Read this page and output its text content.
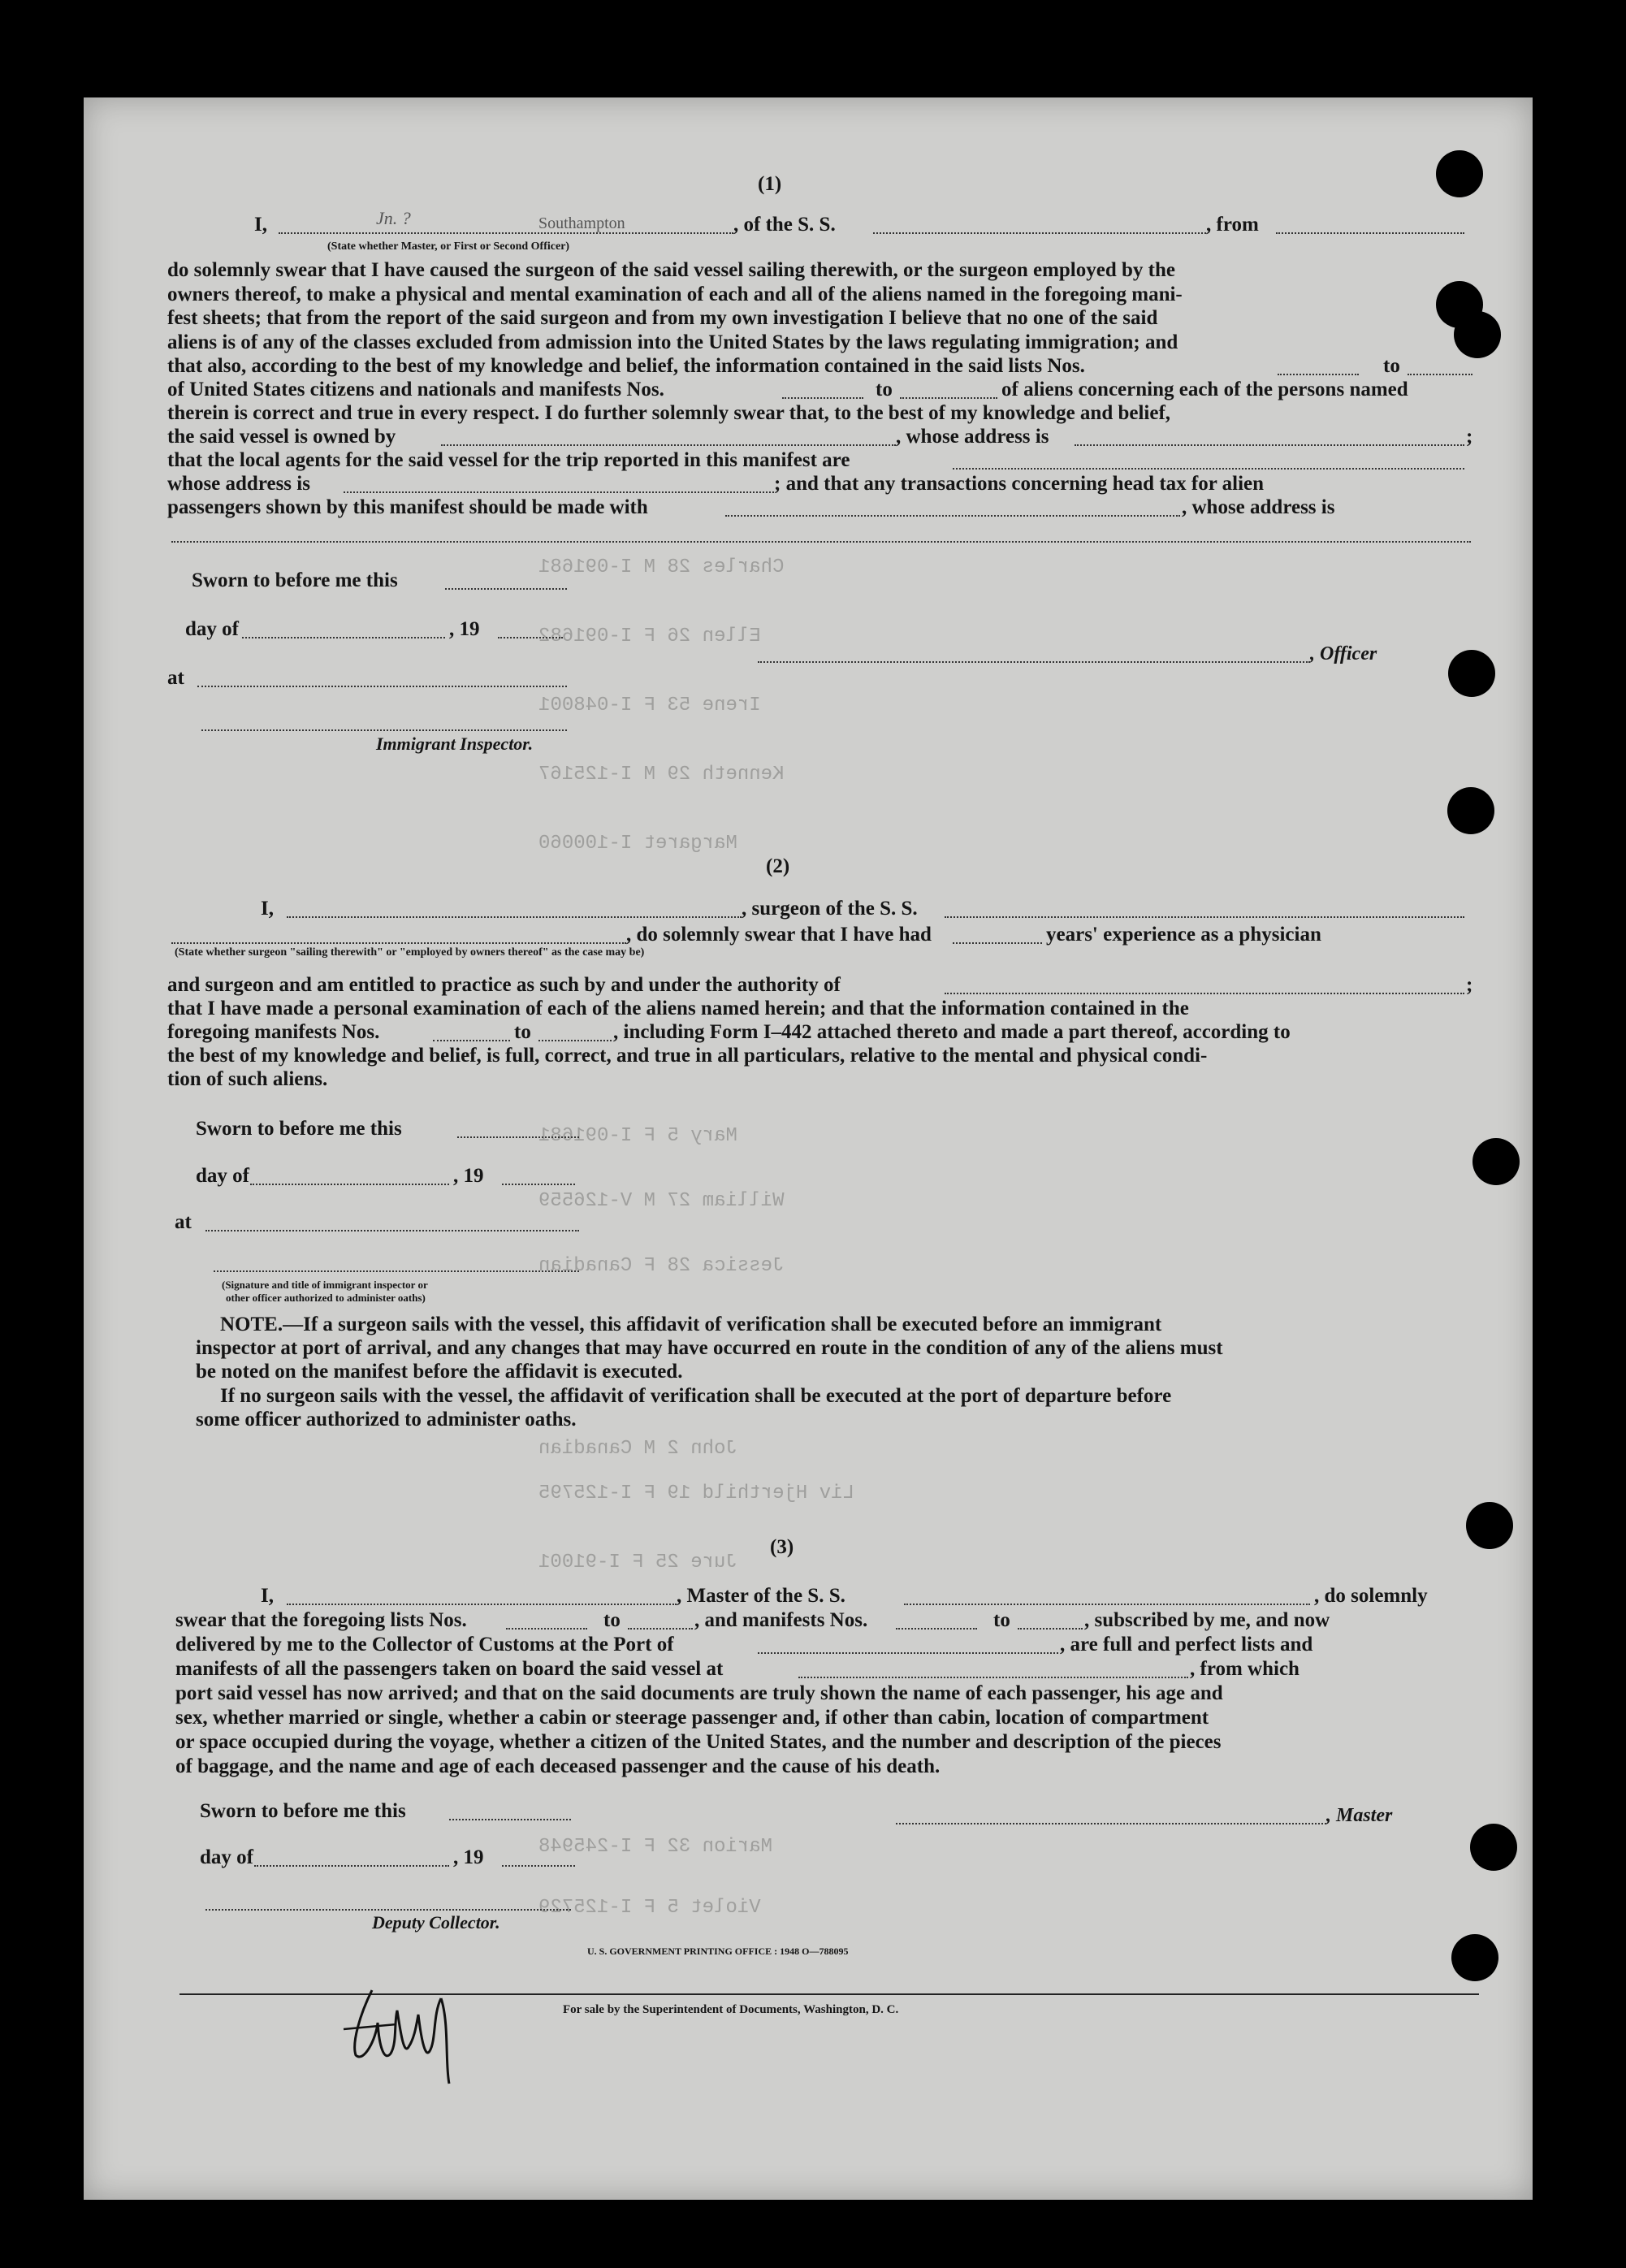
Charles 28 M I-091681
Ellen 26 F I-091682
Irene 53 F I-048001
Kenneth 29 M I-125167
Margaret I-100060
Mary 5 F I-091681
William 27 M V-126559
Jessica 28 F Canadian
John 2 M Canadian
Liv Hjerthild 19 F I-125795
Jure 25 F I-91001
Marion 32 F I-245948
Violet 5 F I-125729
(1)
I,	Jn. ?	Southampton	, of the S. S.	, from
(State whether Master, or First or Second Officer)
do solemnly swear that I have caused the surgeon of the said vessel sailing therewith, or the surgeon employed by the
owners thereof, to make a physical and mental examination of each and all of the aliens named in the foregoing mani-
fest sheets; that from the report of the said surgeon and from my own investigation I believe that no one of the said
aliens is of any of the classes excluded from admission into the United States by the laws regulating immigration; and
that also, according to the best of my knowledge and belief, the information contained in the said lists Nos.	to
of United States citizens and nationals and manifests Nos.	to	of aliens concerning each of the persons named
therein is correct and true in every respect. I do further solemnly swear that, to the best of my knowledge and belief,
the said vessel is owned by	, whose address is	;
that the local agents for the said vessel for the trip reported in this manifest are
whose address is	; and that any transactions concerning head tax for alien
passengers shown by this manifest should be made with	, whose address is
Sworn to before me this
day of	, 19
, Officer
at
Immigrant Inspector.
(2)
I,	, surgeon of the S. S.
, do solemnly swear that I have had	years' experience as a physician
(State whether surgeon "sailing therewith" or "employed by owners thereof" as the case may be)
and surgeon and am entitled to practice as such by and under the authority of	;
that I have made a personal examination of each of the aliens named herein; and that the information contained in the
foregoing manifests Nos.	to	, including Form I–442 attached thereto and made a part thereof, according to
the best of my knowledge and belief, is full, correct, and true in all particulars, relative to the mental and physical condi-
tion of such aliens.
Sworn to before me this
day of	, 19
at
(Signature and title of immigrant inspector or
other officer authorized to administer oaths)
NOTE.—If a surgeon sails with the vessel, this affidavit of verification shall be executed before an immigrant
inspector at port of arrival, and any changes that may have occurred en route in the condition of any of the aliens must
be noted on the manifest before the affidavit is executed.
If no surgeon sails with the vessel, the affidavit of verification shall be executed at the port of departure before
some officer authorized to administer oaths.
(3)
I,	, Master of the S. S.	, do solemnly
swear that the foregoing lists Nos.	to	, and manifests Nos.	to	, subscribed by me, and now
delivered by me to the Collector of Customs at the Port of	, are full and perfect lists and
manifests of all the passengers taken on board the said vessel at	, from which
port said vessel has now arrived; and that on the said documents are truly shown the name of each passenger, his age and
sex, whether married or single, whether a cabin or steerage passenger and, if other than cabin, location of compartment
or space occupied during the voyage, whether a citizen of the United States, and the number and description of the pieces
of baggage, and the name and age of each deceased passenger and the cause of his death.
Sworn to before me this	, Master
day of	, 19
Deputy Collector.
U. S. GOVERNMENT PRINTING OFFICE : 1948 O—788095
For sale by the Superintendent of Documents, Washington, D. C.
